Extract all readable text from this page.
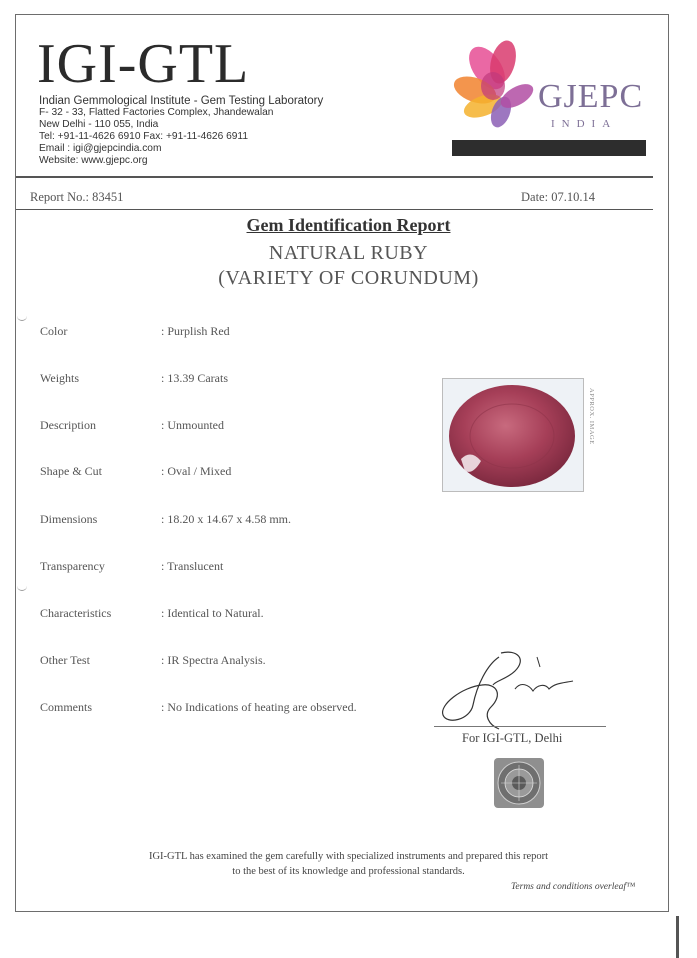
IGI-GTL
Indian Gemmological Institute - Gem Testing Laboratory
F- 32 - 33, Flatted Factories Complex, Jhandewalan
New Delhi - 110 055, India
Tel: +91-11-4626 6910 Fax: +91-11-4626 6911
Email : igi@gjepcindia.com
Website: www.gjepc.org
GJEPC
INDIA
Report No.: 83451	Date: 07.10.14
Gem Identification Report
NATURAL RUBY
(VARIETY OF CORUNDUM)
Color	: Purplish Red
Weights	: 13.39 Carats
Description	: Unmounted
Shape & Cut	: Oval / Mixed
Dimensions	: 18.20 x 14.67 x 4.58 mm.
Transparency	: Translucent
Characteristics	: Identical to Natural.
Other Test	: IR Spectra Analysis.
Comments	: No Indications of heating are observed.
APPROX. IMAGE
For IGI-GTL, Delhi
IGI-GTL has examined the gem carefully with specialized instruments and prepared this report
to the best of its knowledge and professional standards.
Terms and conditions overleaf™
